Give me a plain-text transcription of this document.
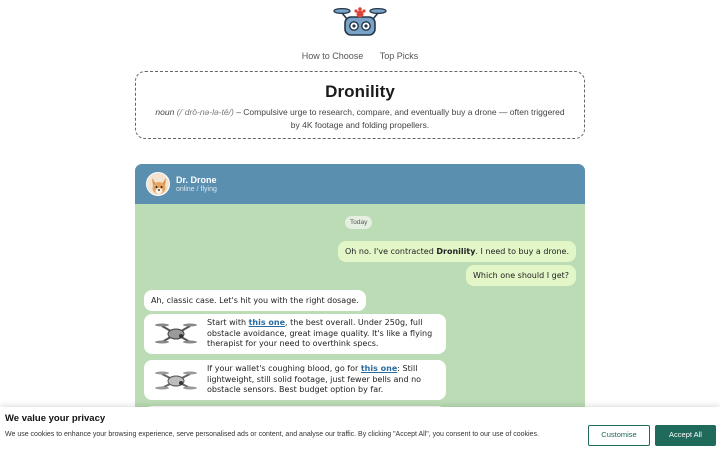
How to Choose Top Picks
Dronility
noun (/ˈdrō-nə-lə-tē/) – Compulsive urge to research, compare, and eventually buy a drone — often triggered by 4K footage and folding propellers.
Dr. Drone
online / flying
Today
Oh no. I've contracted Dronility. I need to buy a drone.
Which one should I get?
Ah, classic case. Let's hit you with the right dosage.
Start with this one, the best overall. Under 250g, full obstacle avoidance, great image quality. It's like a flying therapist for your need to overthink specs.
If your wallet's coughing blood, go for this one: Still lightweight, still solid footage, just fewer bells and no obstacle sensors. Best budget option by far.
We value your privacy

We use cookies to enhance your browsing experience, serve personalised ads or content, and analyse our traffic. By clicking "Accept All", you consent to our use of cookies.	Customise	Accept All
